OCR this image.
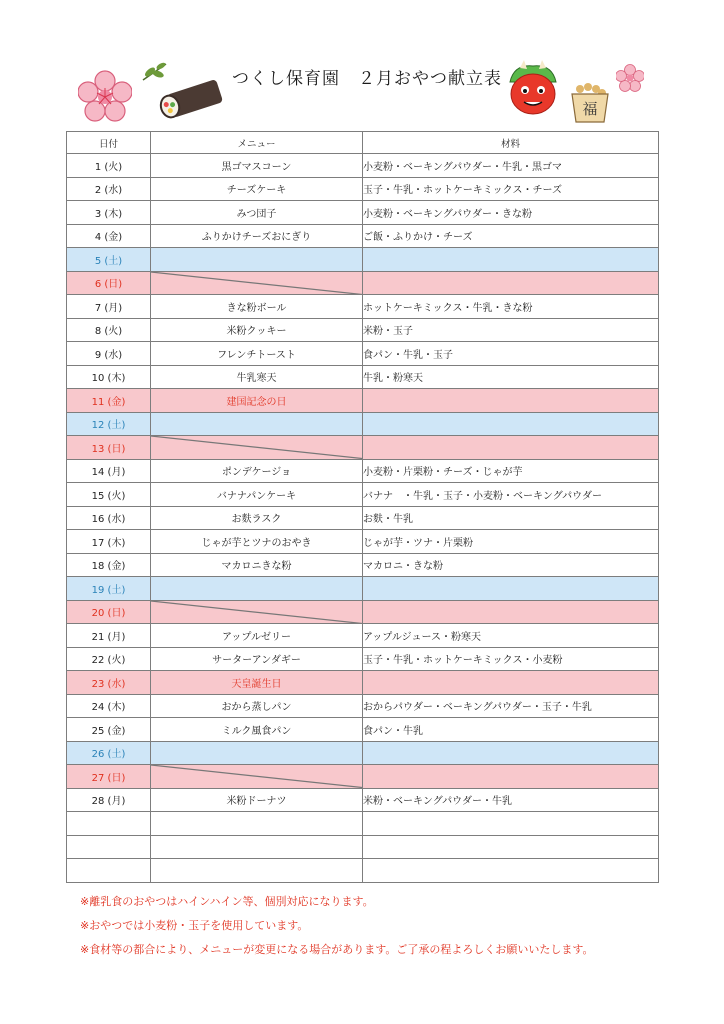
つくし保育園　２月おやつ献立表
福
日付	メニュー	材料
1 (火)	黒ゴマスコーン	小麦粉・ベーキングパウダー・牛乳・黒ゴマ
2 (水)	チーズケーキ	玉子・牛乳・ホットケーキミックス・チーズ
3 (木)	みつ団子	小麦粉・ベーキングパウダー・きな粉
4 (金)	ふりかけチーズおにぎり	ご飯・ふりかけ・チーズ
5 (土)		
6 (日)	

7 (月)	きな粉ボール	ホットケーキミックス・牛乳・きな粉
8 (火)	米粉クッキー	米粉・玉子
9 (水)	フレンチトースト	食パン・牛乳・玉子
10 (木)	牛乳寒天	牛乳・粉寒天
11 (金)	建国記念の日	
12 (土)		
13 (日)	

14 (月)	ポンデケージョ	小麦粉・片栗粉・チーズ・じゃが芋
15 (火)	バナナパンケーキ	バナナ　・牛乳・玉子・小麦粉・ベーキングパウダー
16 (水)	お麩ラスク	お麩・牛乳
17 (木)	じゃが芋とツナのおやき	じゃが芋・ツナ・片栗粉
18 (金)	マカロニきな粉	マカロニ・きな粉
19 (土)		
20 (日)	

21 (月)	アップルゼリー	アップルジュース・粉寒天
22 (火)	サーターアンダギー	玉子・牛乳・ホットケーキミックス・小麦粉
23 (水)	天皇誕生日	
24 (木)	おから蒸しパン	おからパウダー・ベーキングパウダー・玉子・牛乳
25 (金)	ミルク風食パン	食パン・牛乳
26 (土)		
27 (日)	

28 (月)	米粉ドーナツ	米粉・ベーキングパウダー・牛乳

※離乳食のおやつはハインハイン等、個別対応になります。
※おやつでは小麦粉・玉子を使用しています。
※食材等の都合により、メニューが変更になる場合があります。ご了承の程よろしくお願いいたします。
